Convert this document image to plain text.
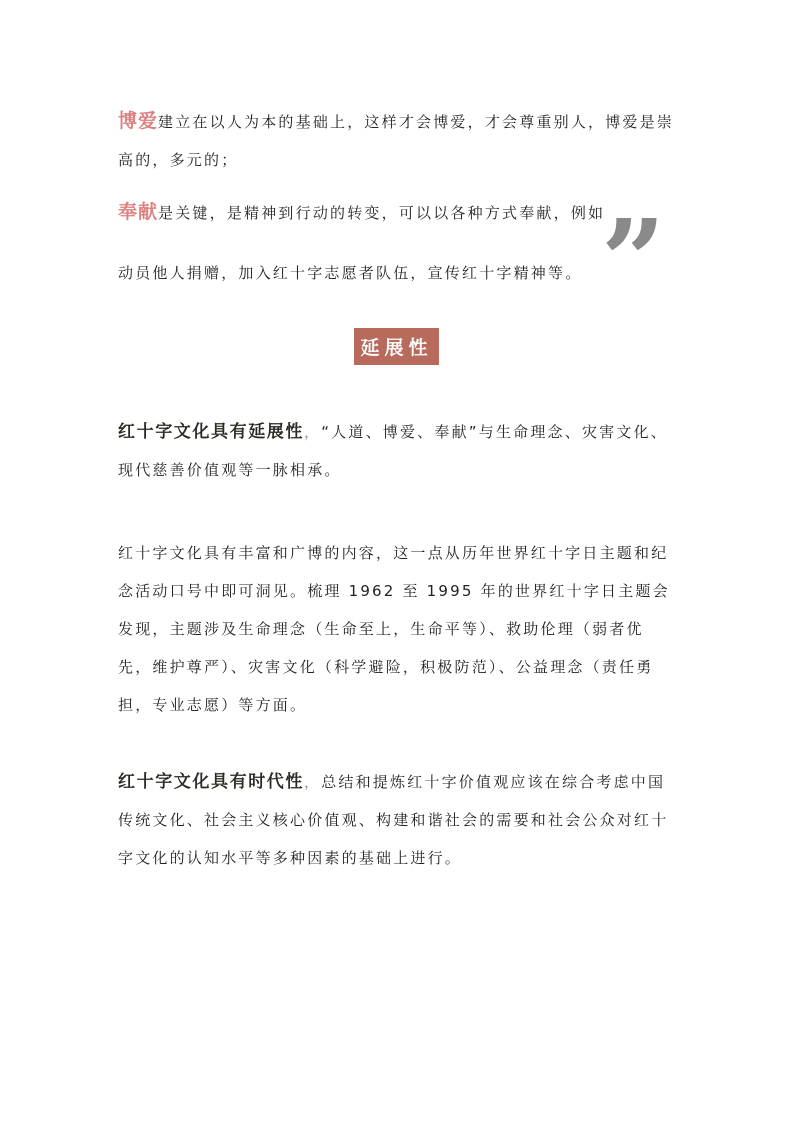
博爱建立在以人为本的基础上，这样才会博爱，才会尊重别人，博爱是崇高的，多元的；

奉献是关键，是精神到行动的转变，可以以各种方式奉献，例如动员他人捐赠，加入红十字志愿者队伍，宣传红十字精神等。 ”
延展性

红十字文化具有延展性，“人道、博爱、奉献”与生命理念、灾害文化、现代慈善价值观等一脉相承。

红十字文化具有丰富和广博的内容，这一点从历年世界红十字日主题和纪念活动口号中即可洞见。梳理 1962 至 1995 年的世界红十字日主题会发现，主题涉及生命理念（生命至上，生命平等）、救助伦理（弱者优先，维护尊严）、灾害文化（科学避险，积极防范）、公益理念（责任勇担，专业志愿）等方面。

红十字文化具有时代性，总结和提炼红十字价值观应该在综合考虑中国传统文化、社会主义核心价值观、构建和谐社会的需要和社会公众对红十字文化的认知水平等多种因素的基础上进行。
